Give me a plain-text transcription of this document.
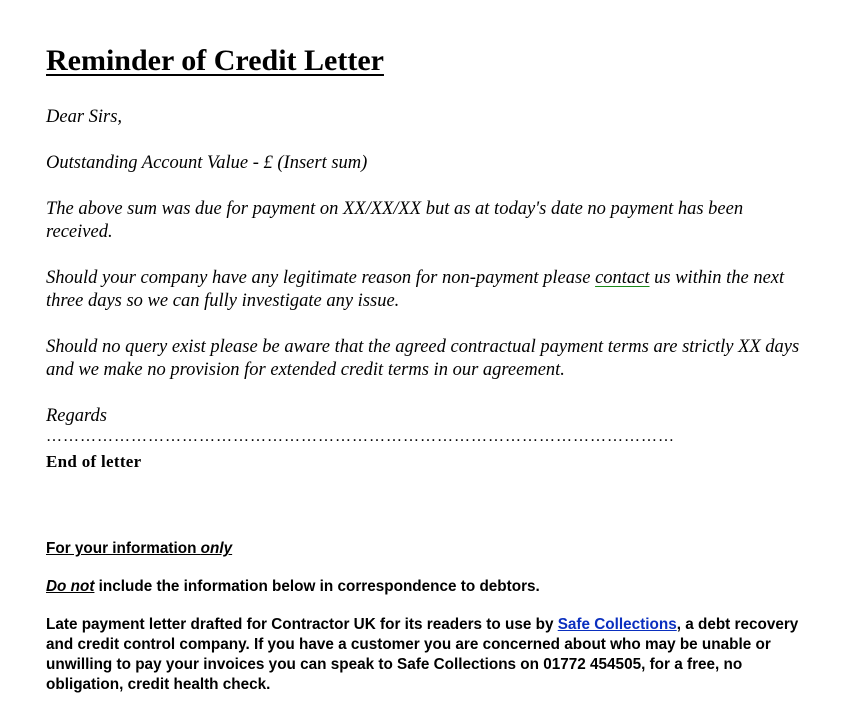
Reminder of Credit Letter

Dear Sirs,

Outstanding Account Value - £ (Insert sum)

The above sum was due for payment on XX/XX/XX but as at today's date no payment has been received.

Should your company have any legitimate reason for non-payment please contact us within the next three days so we can fully investigate any issue.

Should no query exist please be aware that the agreed contractual payment terms are strictly XX days and we make no provision for extended credit terms in our agreement.

Regards

…………………………………………………………………………………………………
End of letter

For your information only

Do not include the information below in correspondence to debtors.

Late payment letter drafted for Contractor UK for its readers to use by Safe Collections, a debt recovery and credit control company. If you have a customer you are concerned about who may be unable or unwilling to pay your invoices you can speak to Safe Collections on 01772 454505, for a free, no obligation, credit health check.
